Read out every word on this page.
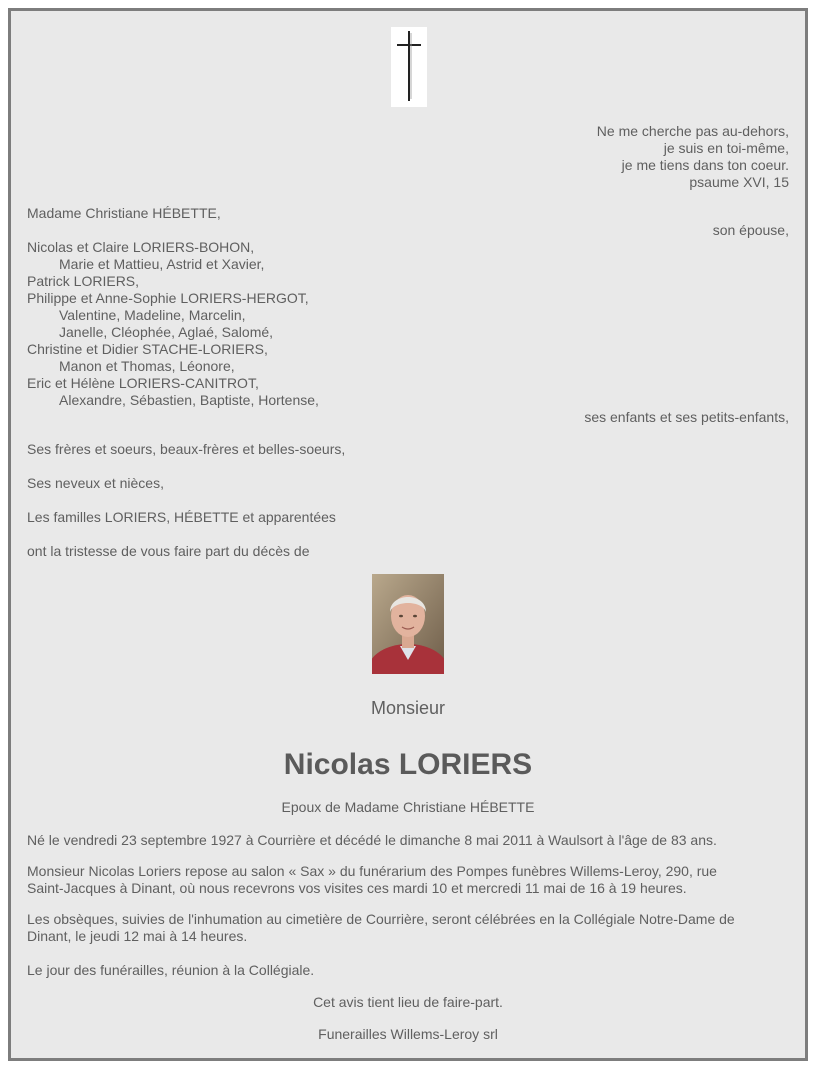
Ne me cherche pas au-dehors,
je suis en toi-même,
je me tiens dans ton coeur.
psaume XVI, 15
Madame Christiane HÉBETTE,
son épouse,
Nicolas et Claire LORIERS-BOHON,
Marie et Mattieu, Astrid et Xavier,
Patrick LORIERS,
Philippe et Anne-Sophie LORIERS-HERGOT,
Valentine, Madeline, Marcelin,
Janelle, Cléophée, Aglaé, Salomé,
Christine et Didier STACHE-LORIERS,
Manon et Thomas, Léonore,
Eric et Hélène LORIERS-CANITROT,
Alexandre, Sébastien, Baptiste, Hortense,
ses enfants et ses petits-enfants,
Ses frères et soeurs, beaux-frères et belles-soeurs,
Ses neveux et nièces,
Les familles LORIERS, HÉBETTE et apparentées
ont la tristesse de vous faire part du décès de
Monsieur
Nicolas LORIERS
Epoux de Madame Christiane HÉBETTE
Né le vendredi 23 septembre 1927 à Courrière et décédé le dimanche 8 mai 2011 à Waulsort à l'âge de 83 ans.
Monsieur Nicolas Loriers repose au salon « Sax » du funérarium des Pompes funèbres Willems-Leroy, 290, rue
Saint-Jacques à Dinant, où nous recevrons vos visites ces mardi 10 et mercredi 11 mai de 16 à 19 heures.
Les obsèques, suivies de l'inhumation au cimetière de Courrière, seront célébrées en la Collégiale Notre-Dame de
Dinant, le jeudi 12 mai à 14 heures.
Le jour des funérailles, réunion à la Collégiale.
Cet avis tient lieu de faire-part.
Funerailles Willems-Leroy srl
